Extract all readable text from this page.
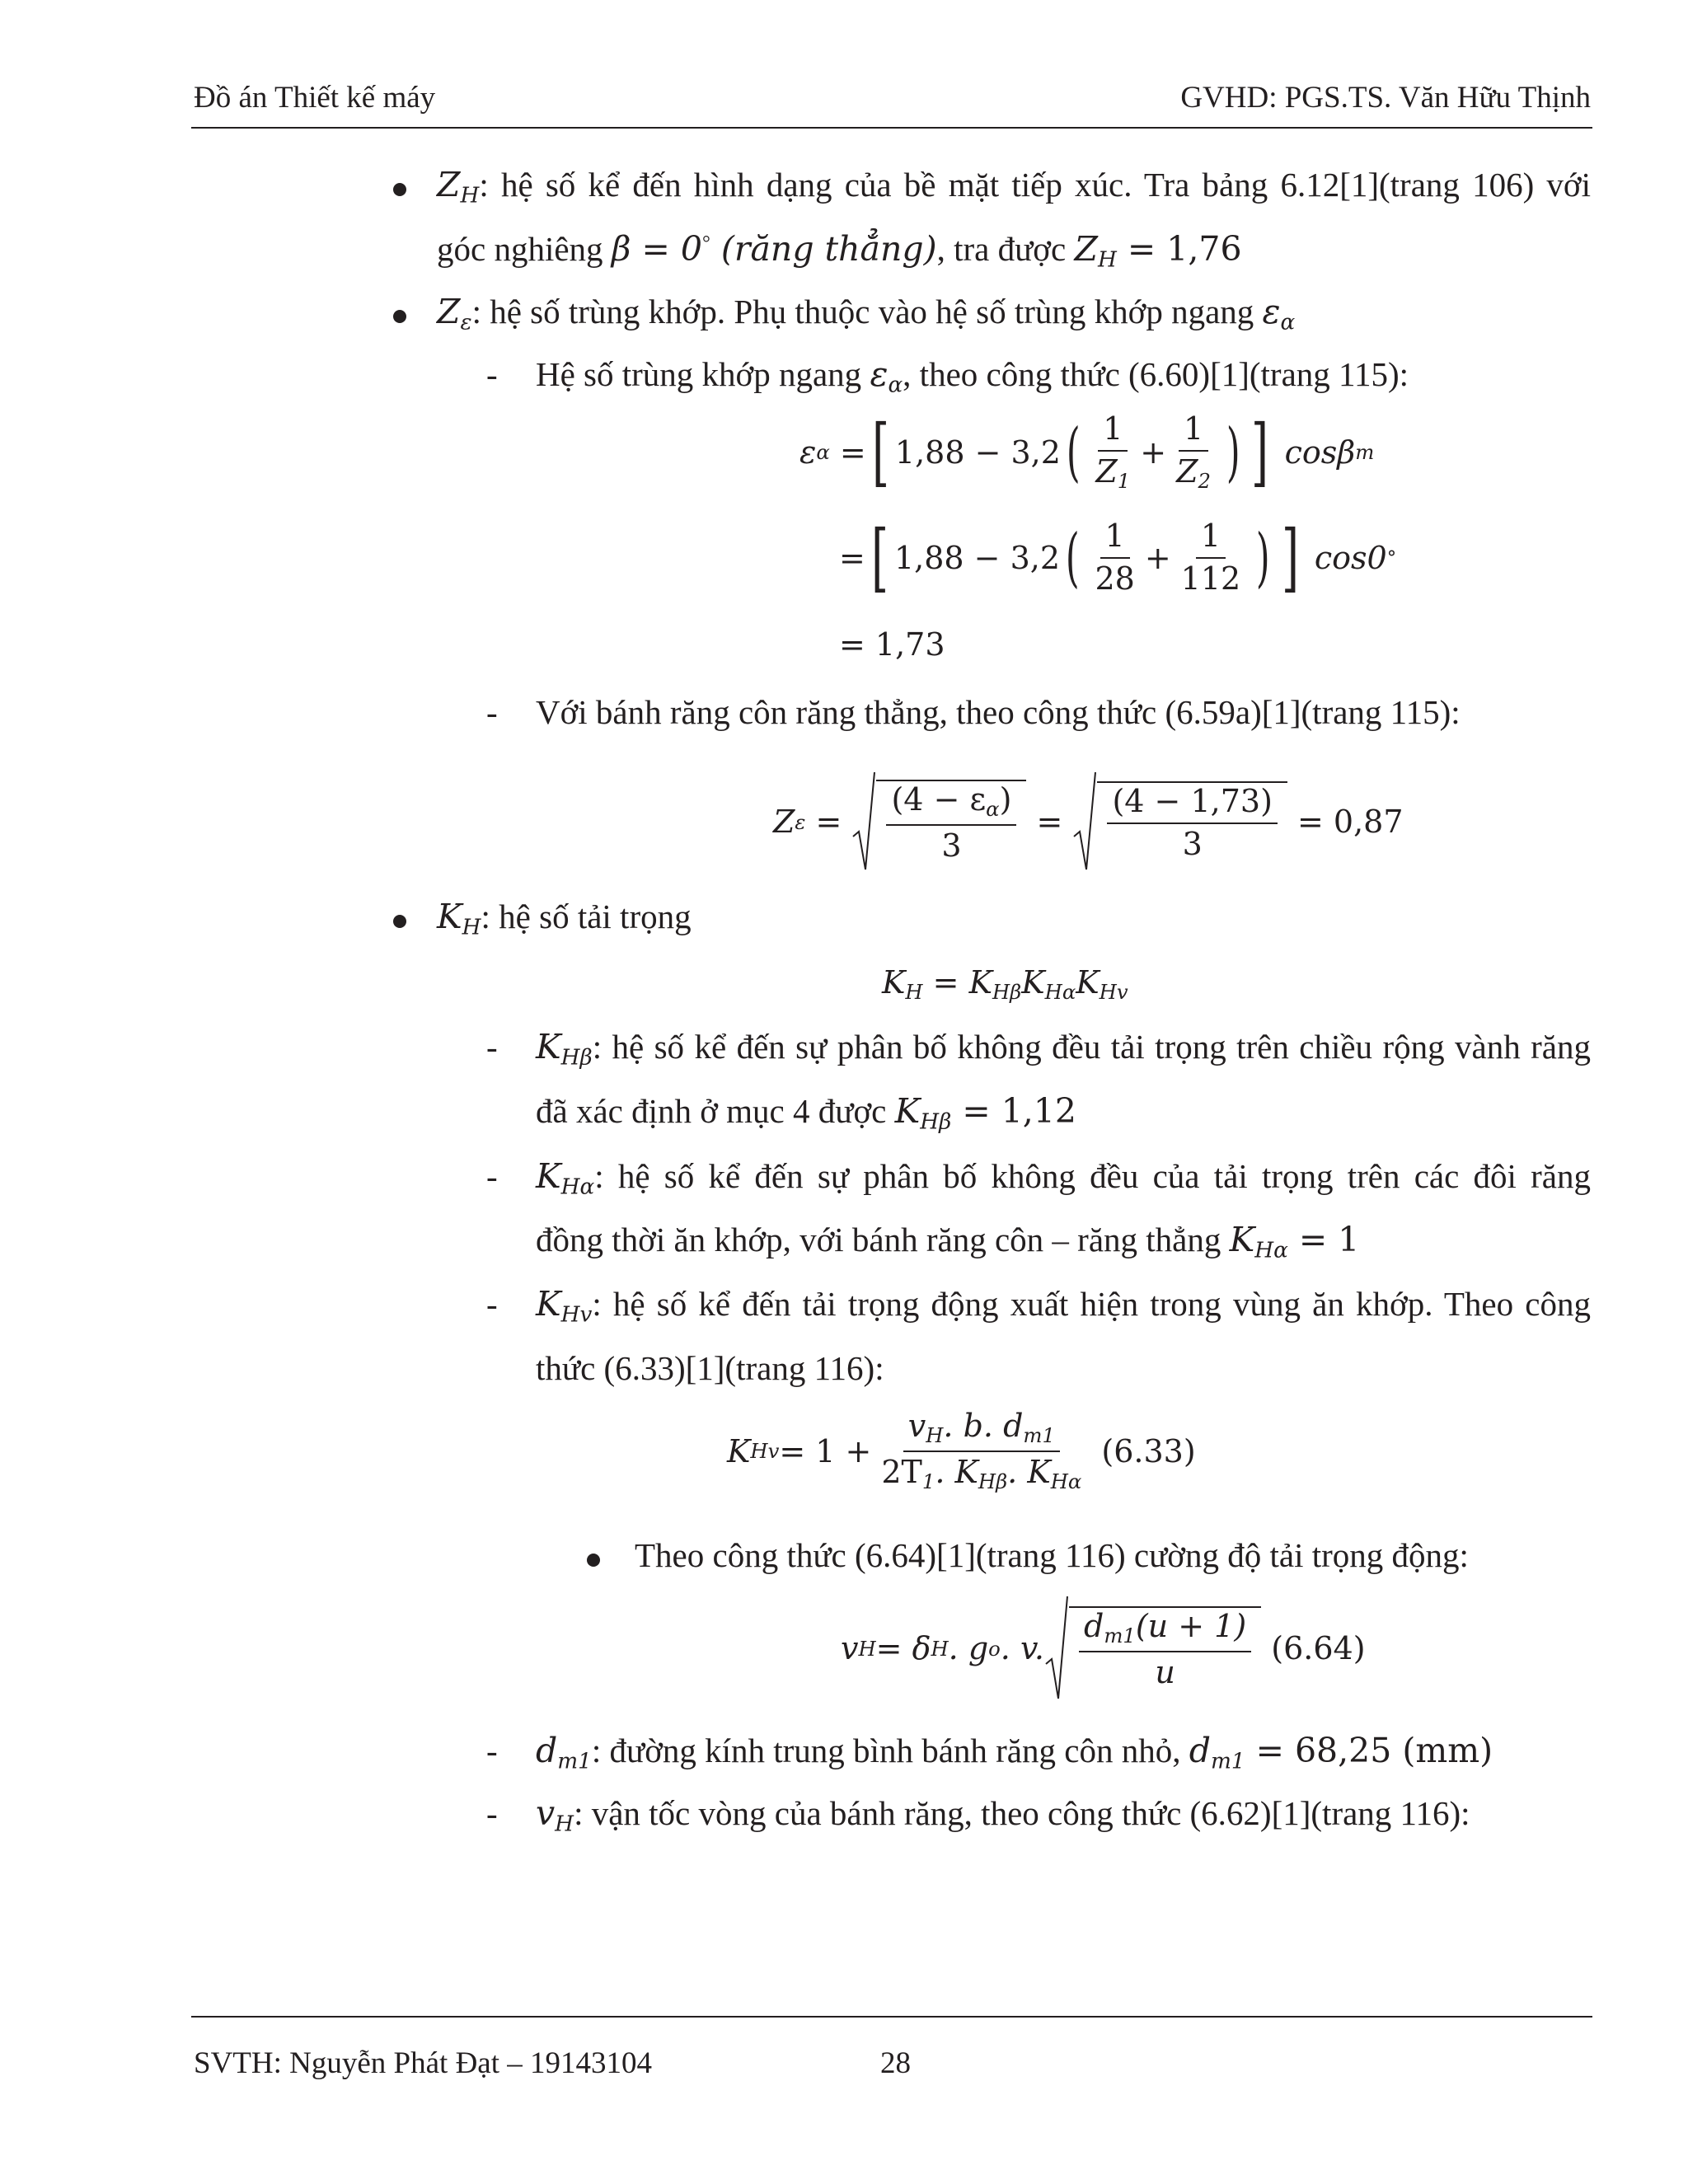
Đồ án Thiết kế máy	GVHD: PGS.TS. Văn Hữu Thịnh
$Z_H$: hệ số kể đến hình dạng của bề mặt tiếp xúc. Tra bảng 6.12[1](trang 106) với
góc nghiêng β = 0° (răng thẳng), tra được $Z_H = 1,76$
$Z_\varepsilon$: hệ số trùng khớp. Phụ thuộc vào hệ số trùng khớp ngang $\varepsilon_\alpha$
- Hệ số trùng khớp ngang $\varepsilon_\alpha$, theo công thức (6.60)[1](trang 115):
ε α
= [ 1,88 − 3,2 ( $\frac{1}{Z_1} + \frac{1}{Z_2}$ ) ]
cosβ m
= [ 1,88 − 3,2 ( $\frac{1}{28} + \frac{1}{112}$ ) ]
cos0 °
= 1,73
- Với bánh răng côn răng thẳng, theo công thức (6.59a)[1](trang 115):
Z ε
=
$\frac{(4 - \varepsilon_\alpha)}{3}$
=
$\frac{(4 - 1,73)}{3}$
= 0,87
$K_H$: hệ số tải trọng
$K_H = K_{H\beta}K_{H\alpha}K_{Hv}$
- $K_{H\beta}$: hệ số kể đến sự phân bố không đều tải trọng trên chiều rộng vành răng
đã xác định ở mục 4 được $K_{H\beta} = 1,12$
- $K_{H\alpha}$: hệ số kể đến sự phân bố không đều của tải trọng trên các đôi răng
đồng thời ăn khớp, với bánh răng côn – răng thẳng $K_{H\alpha} = 1$
- $K_{Hv}$: hệ số kể đến tải trọng động xuất hiện trong vùng ăn khớp. Theo công
thức (6.33)[1](trang 116):
K $Hv = 1 + \frac{v_H. b. d_{m1}}{2T_1. K_{H\beta}. K_{H\alpha}}$
(6.33)
Theo công thức (6.64)[1](trang 116) cường độ tải trọng động:
v H = δ H . g o . v. $\frac{d_{m1}(u + 1)}{u}$
(6.64)
- $d_{m1}$: đường kính trung bình bánh răng côn nhỏ, $d_{m1} = 68,25$ (mm)
- $v_H$: vận tốc vòng của bánh răng, theo công thức (6.62)[1](trang 116):
SVTH: Nguyễn Phát Đạt – 19143104	28
